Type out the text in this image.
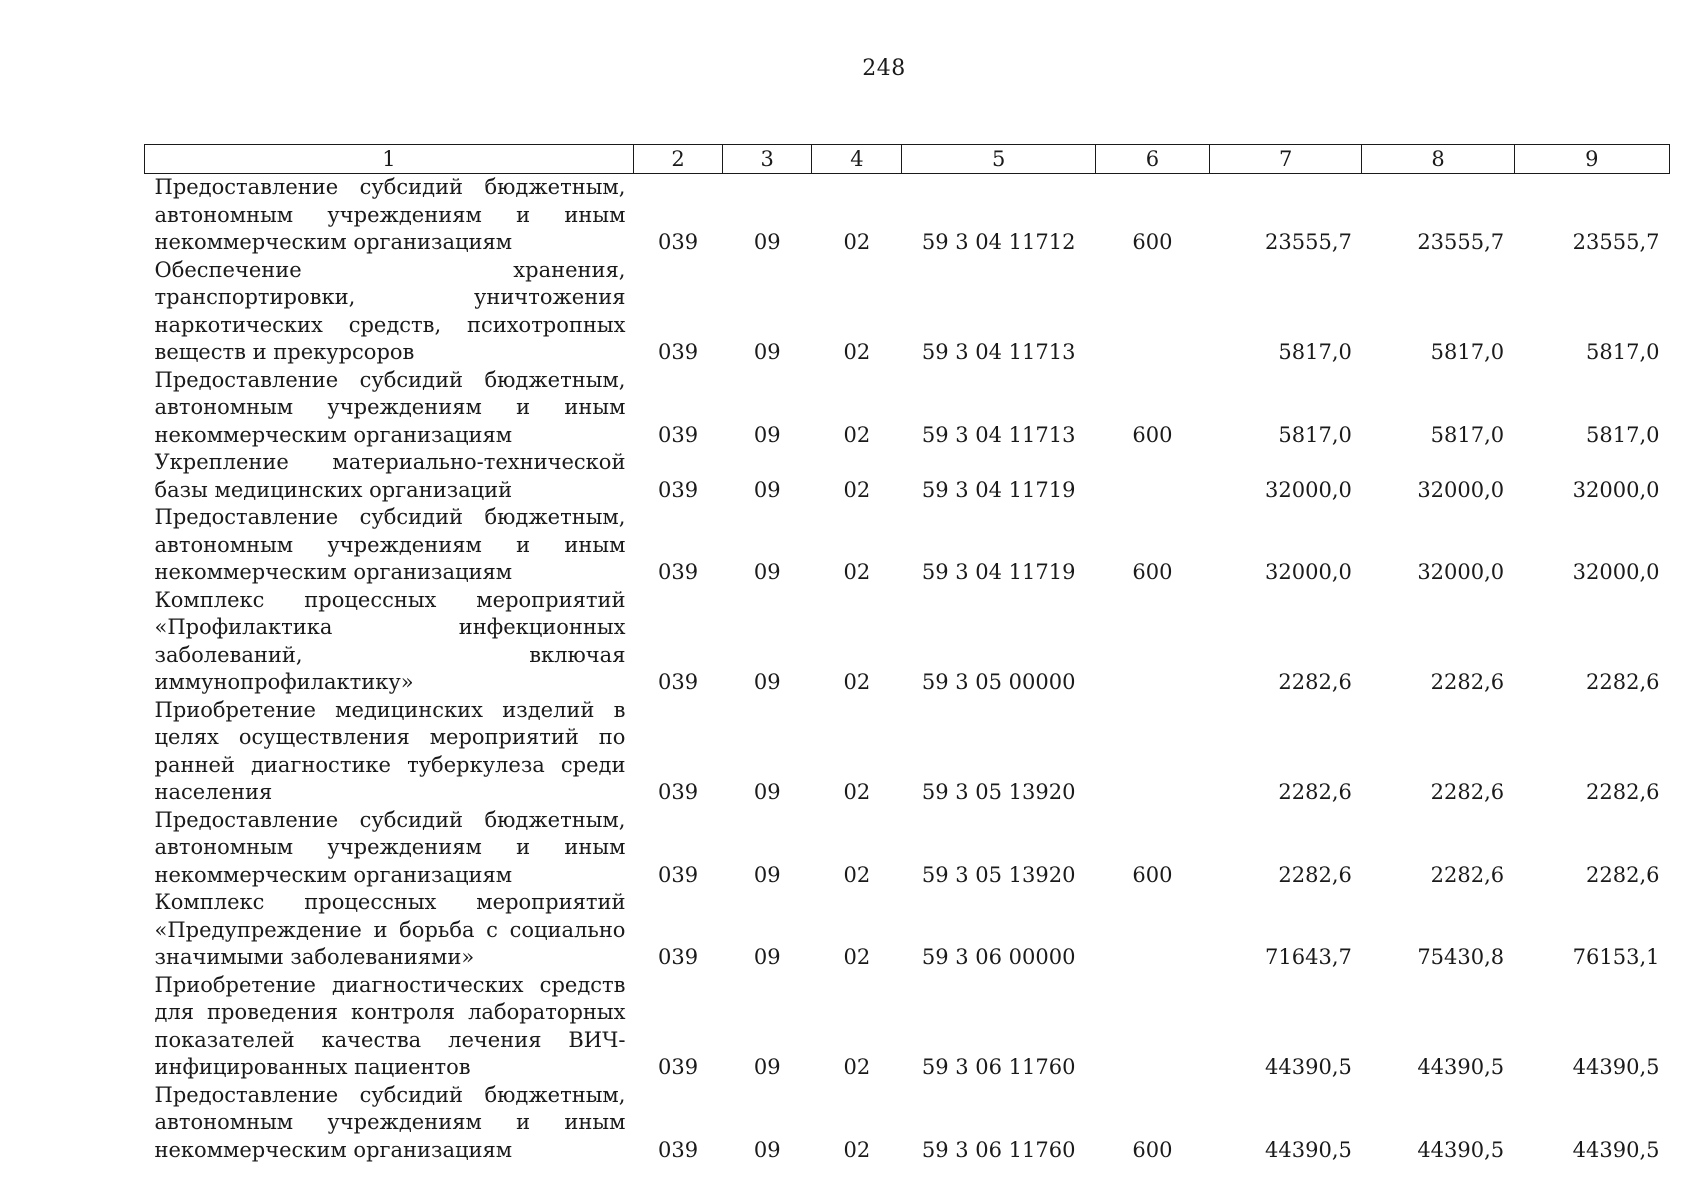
248
1	2	3	4	5	6	7	8	9
Предоставление субсидий бюджетным, автономным учреждениям и иным некоммерческим организациям	039	09	02	59 3 04 11712	600	23555,7	23555,7	23555,7
Обеспечение хранения, транспортировки, уничтожения наркотических средств, психотропных веществ и прекурсоров	039	09	02	59 3 04 11713		5817,0	5817,0	5817,0
Предоставление субсидий бюджетным, автономным учреждениям и иным некоммерческим организациям	039	09	02	59 3 04 11713	600	5817,0	5817,0	5817,0
Укрепление материально-технической базы медицинских организаций	039	09	02	59 3 04 11719		32000,0	32000,0	32000,0
Предоставление субсидий бюджетным, автономным учреждениям и иным некоммерческим организациям	039	09	02	59 3 04 11719	600	32000,0	32000,0	32000,0
Комплекс процессных мероприятий «Профилактика инфекционных заболеваний, включая иммунопрофилактику»	039	09	02	59 3 05 00000		2282,6	2282,6	2282,6
Приобретение медицинских изделий в целях осуществления мероприятий по ранней диагностике туберкулеза среди населения	039	09	02	59 3 05 13920		2282,6	2282,6	2282,6
Предоставление субсидий бюджетным, автономным учреждениям и иным некоммерческим организациям	039	09	02	59 3 05 13920	600	2282,6	2282,6	2282,6
Комплекс процессных мероприятий «Предупреждение и борьба с социально значимыми заболеваниями»	039	09	02	59 3 06 00000		71643,7	75430,8	76153,1
Приобретение диагностических средств для проведения контроля лабораторных показателей качества лечения ВИЧ-инфицированных пациентов	039	09	02	59 3 06 11760		44390,5	44390,5	44390,5
Предоставление субсидий бюджетным, автономным учреждениям и иным некоммерческим организациям	039	09	02	59 3 06 11760	600	44390,5	44390,5	44390,5
